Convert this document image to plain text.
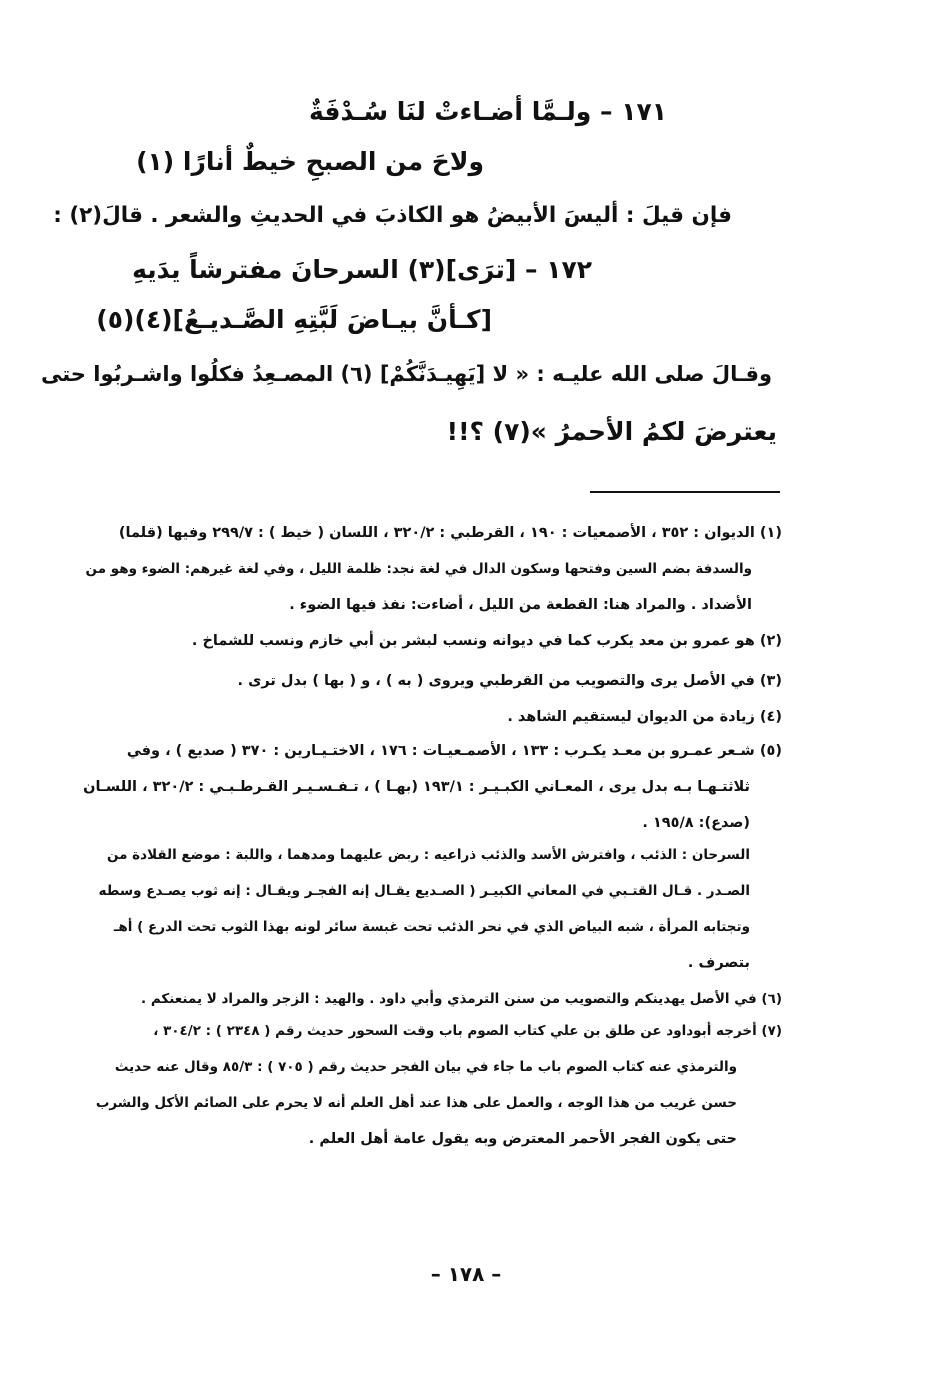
١٧١ – ولـمَّا أضـاءتْ لنَا سُـدْفَةٌ
ولاحَ من الصبحِ خيطٌ أنارًا (١)
فإن قيلَ : أليسَ الأبيضُ هو الكاذبَ في الحديثِ والشعر . قالَ(٢) :
١٧٢ – [ترَى](٣) السرحانَ مفترشاً يدَيهِ
[كـأنَّ بيـاضَ لَبَّتِهِ الصَّـديـعُ](٤)(٥)
وقـالَ صلى الله عليـه : « لا [يَهِيـدَنَّكُمْ] (٦) المصـعِدُ فكلُوا واشـربُوا حتى
يعترضَ لكمُ الأحمرُ »(٧) ؟!!
(١) الديوان : ٣٥٢ ، الأصمعيات : ١٩٠ ، القرطبي : ٣٢٠/٢ ، اللسان ( خيط ) : ٢٩٩/٧ وفيها (قلما)
والسدفة بضم السين وفتحها وسكون الدال في لغة نجد: ظلمة الليل ، وفي لغة غيرهم: الضوء وهو من
الأضداد . والمراد هنا: القطعة من الليل ، أضاءت: نفذ فيها الضوء .
(٢) هو عمرو بن معد يكرب كما في ديوانه ونسب لبشر بن أبي خازم ونسب للشماخ .
(٣) في الأصل يرى والتصويب من القرطبي ويروى ( به ) ، و ( بها ) بدل ترى .
(٤) زيادة من الديوان ليستقيم الشاهد .
(٥) شـعر عمـرو بن معـد يكـرب : ١٣٣ ، الأصمـعيـات : ١٧٦ ، الاختـيـارين : ٣٧٠ ( صديع ) ، وفي
ثلاثتـهـا بـه بدل يرى ، المعـاني الكبـيـر : ١٩٣/١ (بهـا ) ، تـفـسـيـر القـرطـبـي : ٣٢٠/٢ ، اللسـان
(صدع): ١٩٥/٨ .
السرحان : الذئب ، وافترش الأسد والذئب ذراعيه : ربض عليهما ومدهما ، واللبة : موضع القلادة من
الصـدر . قـال القتـبي في المعاني الكبيـر ( الصـديع يقـال إنه الفجـر ويقـال : إنه ثوب يصـدع وسطه
وتجتابه المرأة ، شبه البياض الذي في نحر الذئب تحت غبسة سائر لونه بهذا الثوب تحت الدرع ) أهـ
بتصرف .
(٦) في الأصل يهدينكم والتصويب من سنن الترمذي وأبي داود . والهيد : الزجر والمراد لا يمنعنكم .
(٧) أخرجه أبوداود عن طلق بن علي كتاب الصوم باب وقت السحور حديث رقم ( ٢٣٤٨ ) : ٣٠٤/٢ ،
والترمذي عنه كتاب الصوم باب ما جاء في بيان الفجر حديث رقم ( ٧٠٥ ) : ٨٥/٣ وقال عنه حديث
حسن غريب من هذا الوجه ، والعمل على هذا عند أهل العلم أنه لا يحرم على الصائم الأكل والشرب
حتى يكون الفجر الأحمر المعترض وبه يقول عامة أهل العلم .
– ١٧٨ –
